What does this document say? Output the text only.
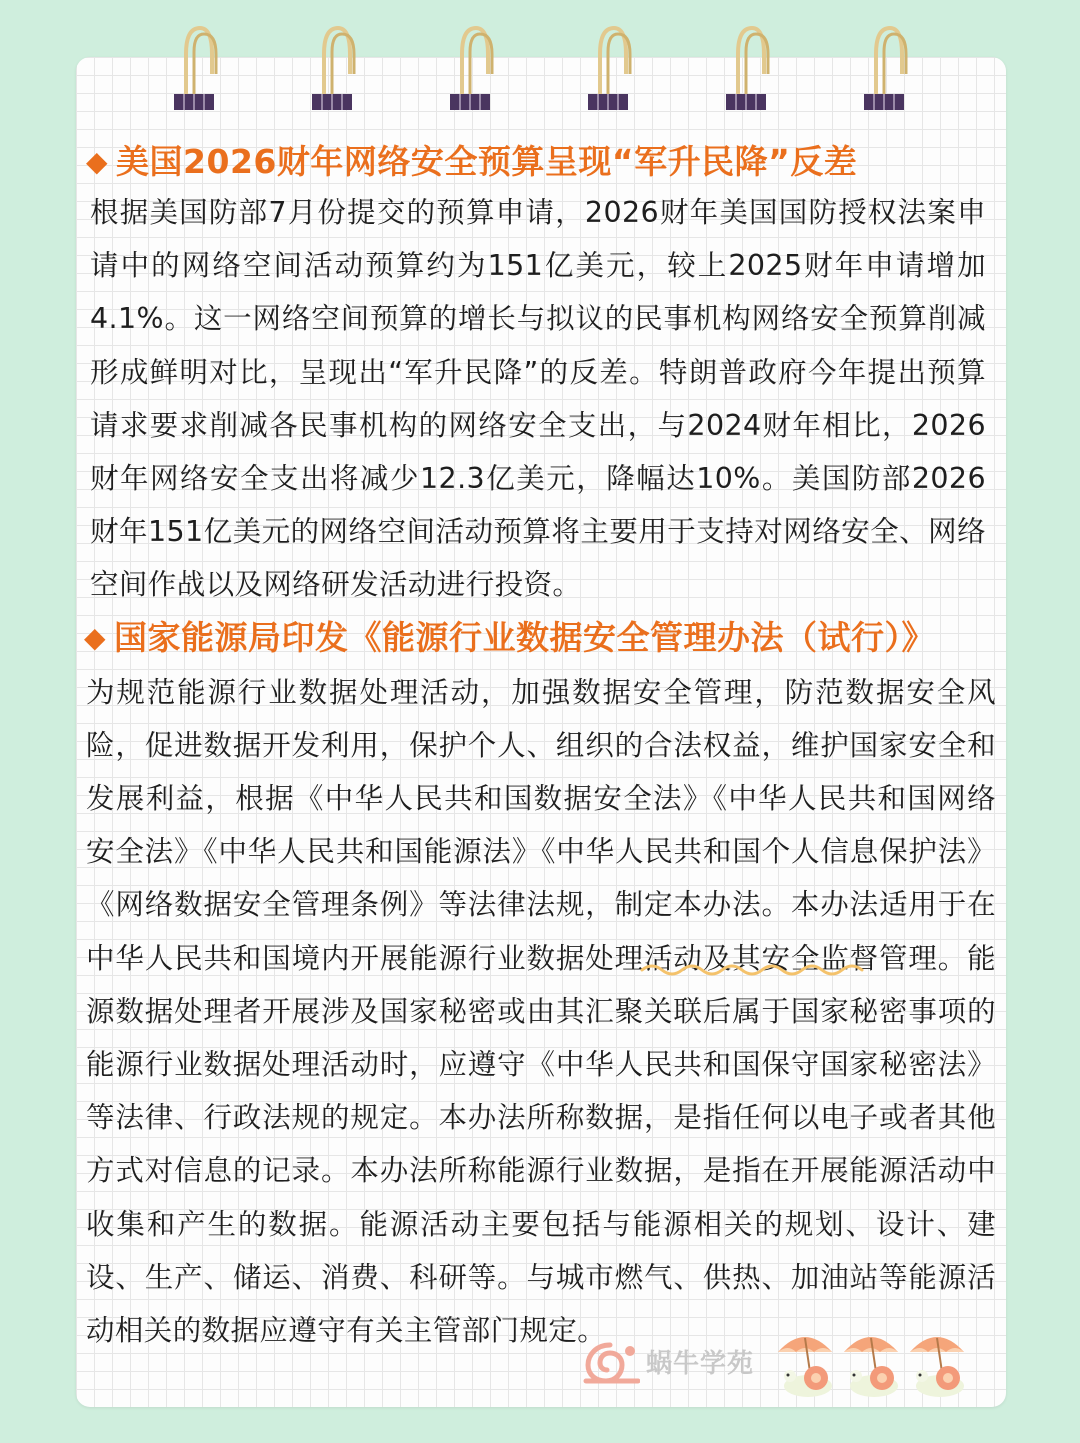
◆ 美国2026财年网络安全预算呈现“军升民降”反差

根据美国防部7月份提交的预算申请，2026财年美国国防授权法案申请中的网络空间活动预算约为151亿美元，较上2025财年申请增加4.1%。这一网络空间预算的增长与拟议的民事机构网络安全预算削减形成鲜明对比，呈现出“军升民降”的反差。特朗普政府今年提出预算请求要求削减各民事机构的网络安全支出，与2024财年相比，2026财年网络安全支出将减少12.3亿美元，降幅达10%。美国防部2026 财年151亿美元的网络空间活动预算将主要用于支持对网络安全、网络空间作战以及网络研发活动进行投资。

◆ 国家能源局印发《能源行业数据安全管理办法（试行）》

为规范能源行业数据处理活动，加强数据安全管理，防范数据安全风险，促进数据开发利用，保护个人、组织的合法权益，维护国家安全和发展利益，根据《中华人民共和国数据安全法》《中华人民共和国网络安全法》《中华人民共和国能源法》《中华人民共和国个人信息保护法》《网络数据安全管理条例》等法律法规，制定本办法。本办法适用于在中华人民共和国境内开展能源行业数据处理活动及其安全监督管理。能源数据处理者开展涉及国家秘密或由其汇聚关联后属于国家秘密事项的能源行业数据处理活动时，应遵守《中华人民共和国保守国家秘密法》等法律、行政法规的规定。本办法所称数据，是指任何以电子或者其他方式对信息的记录。本办法所称能源行业数据，是指在开展能源活动中收集和产生的数据。能源活动主要包括与能源相关的规划、设计、建设、生产、储运、消费、科研等。与城市燃气、供热、加油站等能源活动相关的数据应遵守有关主管部门规定。

蜗牛学苑
